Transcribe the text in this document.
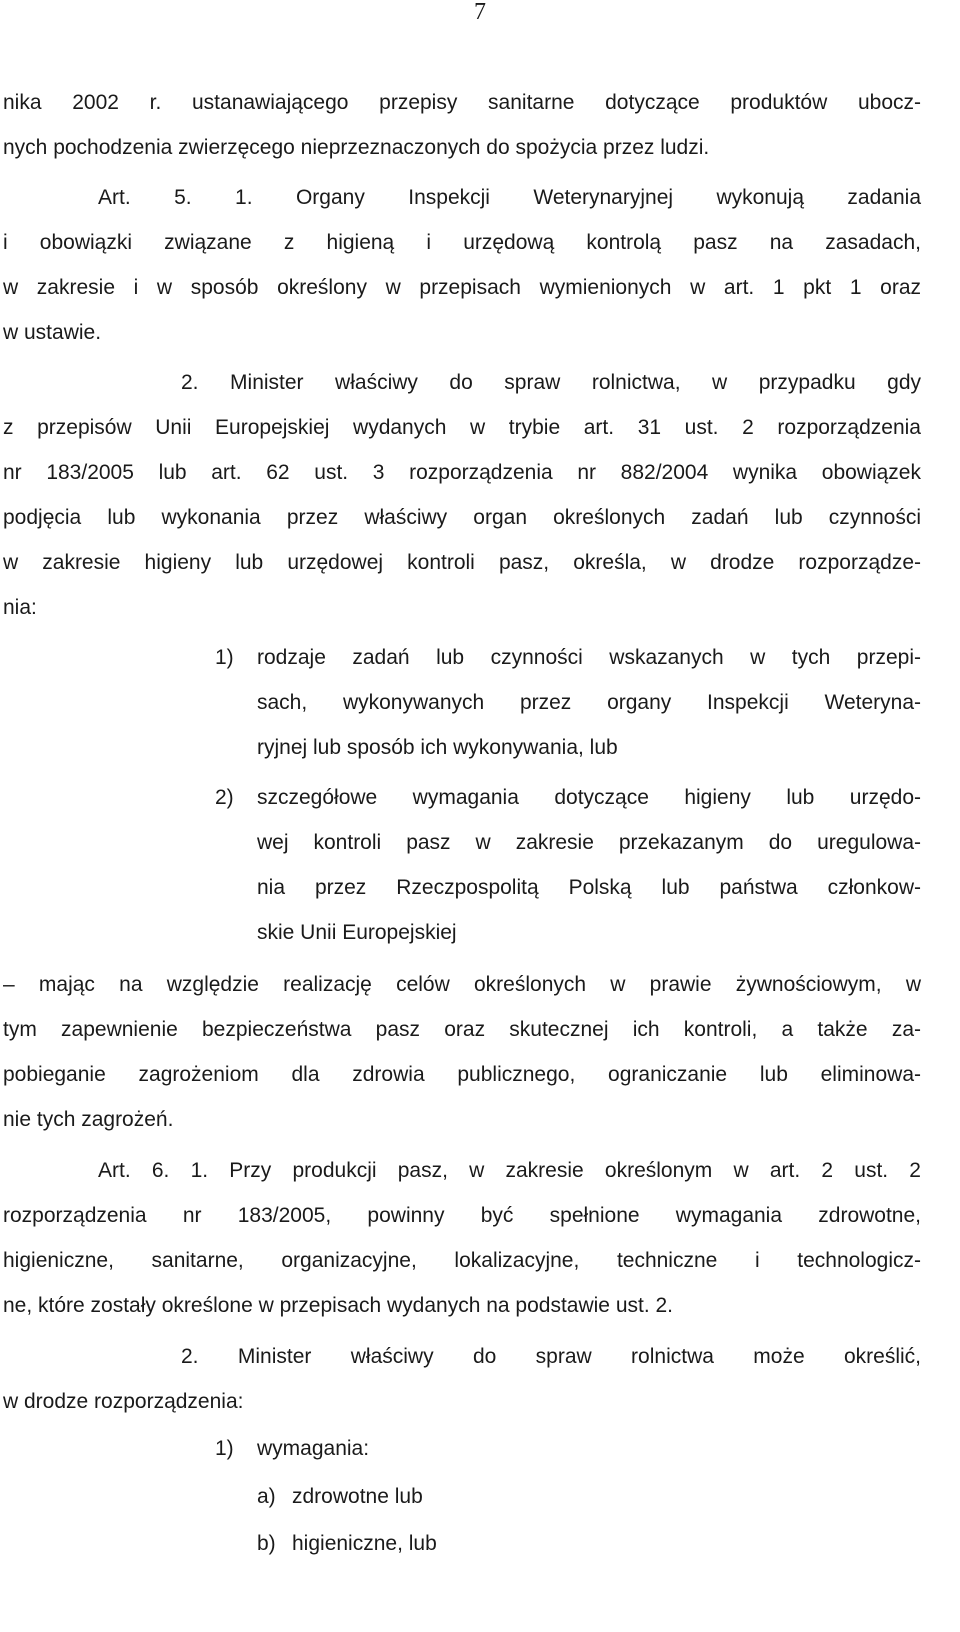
7
nika 2002 r. ustanawiającego przepisy sanitarne dotyczące produktów ubocz-
nych pochodzenia zwierzęcego nieprzeznaczonych do spożycia przez ludzi.
Art. 5. 1. Organy Inspekcji Weterynaryjnej wykonują zadania
i obowiązki związane z higieną i urzędową kontrolą pasz na zasadach,
w zakresie i w sposób określony w przepisach wymienionych w art. 1 pkt 1 oraz
w ustawie.
2. Minister właściwy do spraw rolnictwa, w przypadku gdy
z przepisów Unii Europejskiej wydanych w trybie art. 31 ust. 2 rozporządzenia
nr 183/2005 lub art. 62 ust. 3 rozporządzenia nr 882/2004 wynika obowiązek
podjęcia lub wykonania przez właściwy organ określonych zadań lub czynności
w zakresie higieny lub urzędowej kontroli pasz, określa, w drodze rozporządze-
nia:
1) rodzaje zadań lub czynności wskazanych w tych przepi-
sach, wykonywanych przez organy Inspekcji Weteryna-
ryjnej lub sposób ich wykonywania, lub
2) szczegółowe wymagania dotyczące higieny lub urzędo-
wej kontroli pasz w zakresie przekazanym do uregulowa-
nia przez Rzeczpospolitą Polską lub państwa członkow-
skie Unii Europejskiej
– mając na względzie realizację celów określonych w prawie żywnościowym, w
tym zapewnienie bezpieczeństwa pasz oraz skutecznej ich kontroli, a także za-
pobieganie zagrożeniom dla zdrowia publicznego, ograniczanie lub eliminowa-
nie tych zagrożeń.
Art. 6. 1. Przy produkcji pasz, w zakresie określonym w art. 2 ust. 2
rozporządzenia nr 183/2005, powinny być spełnione wymagania zdrowotne,
higieniczne, sanitarne, organizacyjne, lokalizacyjne, techniczne i technologicz-
ne, które zostały określone w przepisach wydanych na podstawie ust. 2.
2. Minister właściwy do spraw rolnictwa może określić,
w drodze rozporządzenia:
1) wymagania:
a) zdrowotne lub
b) higieniczne, lub
